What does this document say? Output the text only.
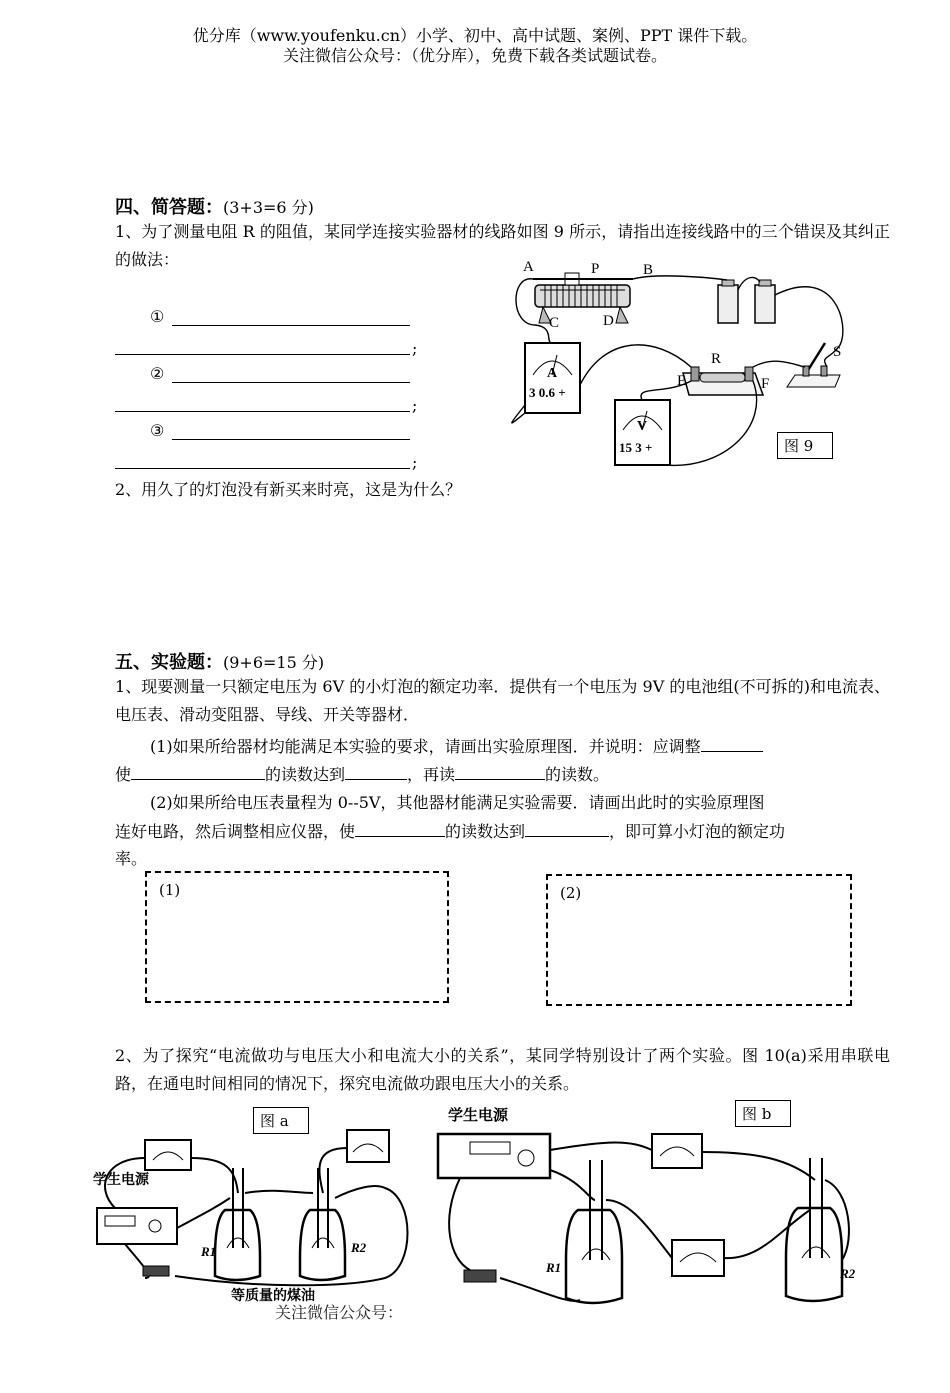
优分库（www.youfenku.cn）小学、初中、高中试题、案例、PPT 课件下载。
关注微信公众号：（优分库），免费下载各类试题试卷。
四、简答题：(3+3=6 分)
1、为了测量电阻 R 的阻值，某同学连接实验器材的线路如图 9 所示，请指出连接线路中的三个错误及其纠正的做法：
①
;
②
;
③
;
2、用久了的灯泡没有新买来时亮，这是为什么？
A
3 0.6 +
V
15 3 +
A	P	B
C	D
R
E	F
S
图 9
五、实验题：(9+6=15 分)
1、现要测量一只额定电压为 6V 的小灯泡的额定功率．提供有一个电压为 9V 的电池组(不可拆的)和电流表、电压表、滑动变阻器、导线、开关等器材．
(1)如果所给器材均能满足本实验的要求，请画出实验原理图．并说明：应调整
使	的读数达到	，再读	的读数。
(2)如果所给电压表量程为 0--5V，其他器材能满足实验需要．请画出此时的实验原理图
连好电路，然后调整相应仪器，使	的读数达到	，即可算小灯泡的额定功
率。
(1)	(2)
2、为了探究“电流做功与电压大小和电流大小的关系”，某同学特别设计了两个实验。图 10(a)采用串联电路，在通电时间相同的情况下，探究电流做功跟电压大小的关系。
图 a
学生电源
R1	R2
等质量的煤油
图 b
学生电源
R1	R2
关注微信公众号：
